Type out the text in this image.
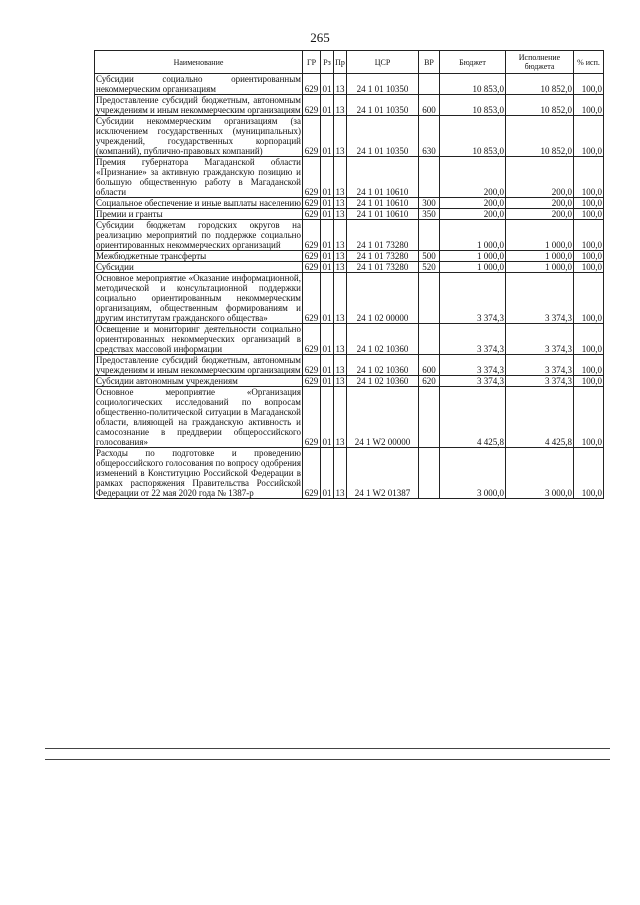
265
Наименование	ГР	Рз	Пр	ЦСР	ВР	Бюджет	Исполнение бюджета	% исп.
Субсидии социально ориентированным некоммерческим организациям	629	01	13	24 1 01 10350		10 853,0	10 852,0	100,0
Предоставление субсидий бюджетным, автономным учреждениям и иным некоммерческим организациям	629	01	13	24 1 01 10350	600	10 853,0	10 852,0	100,0
Субсидии некоммерческим организациям (за исключением государственных (муниципальных) учреждений, государственных корпораций (компаний), публично-правовых компаний)	629	01	13	24 1 01 10350	630	10 853,0	10 852,0	100,0
Премия губернатора Магаданской области «Признание» за активную гражданскую позицию и большую общественную работу в Магаданской области	629	01	13	24 1 01 10610		200,0	200,0	100,0
Социальное обеспечение и иные выплаты населению	629	01	13	24 1 01 10610	300	200,0	200,0	100,0
Премии и гранты	629	01	13	24 1 01 10610	350	200,0	200,0	100,0
Субсидии бюджетам городских округов на реализацию мероприятий по поддержке социально ориентированных некоммерческих организаций	629	01	13	24 1 01 73280		1 000,0	1 000,0	100,0
Межбюджетные трансферты	629	01	13	24 1 01 73280	500	1 000,0	1 000,0	100,0
Субсидии	629	01	13	24 1 01 73280	520	1 000,0	1 000,0	100,0
Основное мероприятие «Оказание информационной, методической и консультационной поддержки социально ориентированным некоммерческим организациям, общественным формированиям и другим институтам гражданского общества»	629	01	13	24 1 02 00000		3 374,3	3 374,3	100,0
Освещение и мониторинг деятельности социально ориентированных некоммерческих организаций в средствах массовой информации	629	01	13	24 1 02 10360		3 374,3	3 374,3	100,0
Предоставление субсидий бюджетным, автономным учреждениям и иным некоммерческим организациям	629	01	13	24 1 02 10360	600	3 374,3	3 374,3	100,0
Субсидии автономным учреждениям	629	01	13	24 1 02 10360	620	3 374,3	3 374,3	100,0
Основное мероприятие «Организация социологических исследований по вопросам общественно-политической ситуации в Магаданской области, влияющей на гражданскую активность и самосознание в преддверии общероссийского голосования»	629	01	13	24 1 W2 00000		4 425,8	4 425,8	100,0
Расходы по подготовке и проведению общероссийского голосования по вопросу одобрения изменений в Конституцию Российской Федерации в рамках распоряжения Правительства Российской Федерации от 22 мая 2020 года № 1387-р	629	01	13	24 1 W2 01387		3 000,0	3 000,0	100,0
